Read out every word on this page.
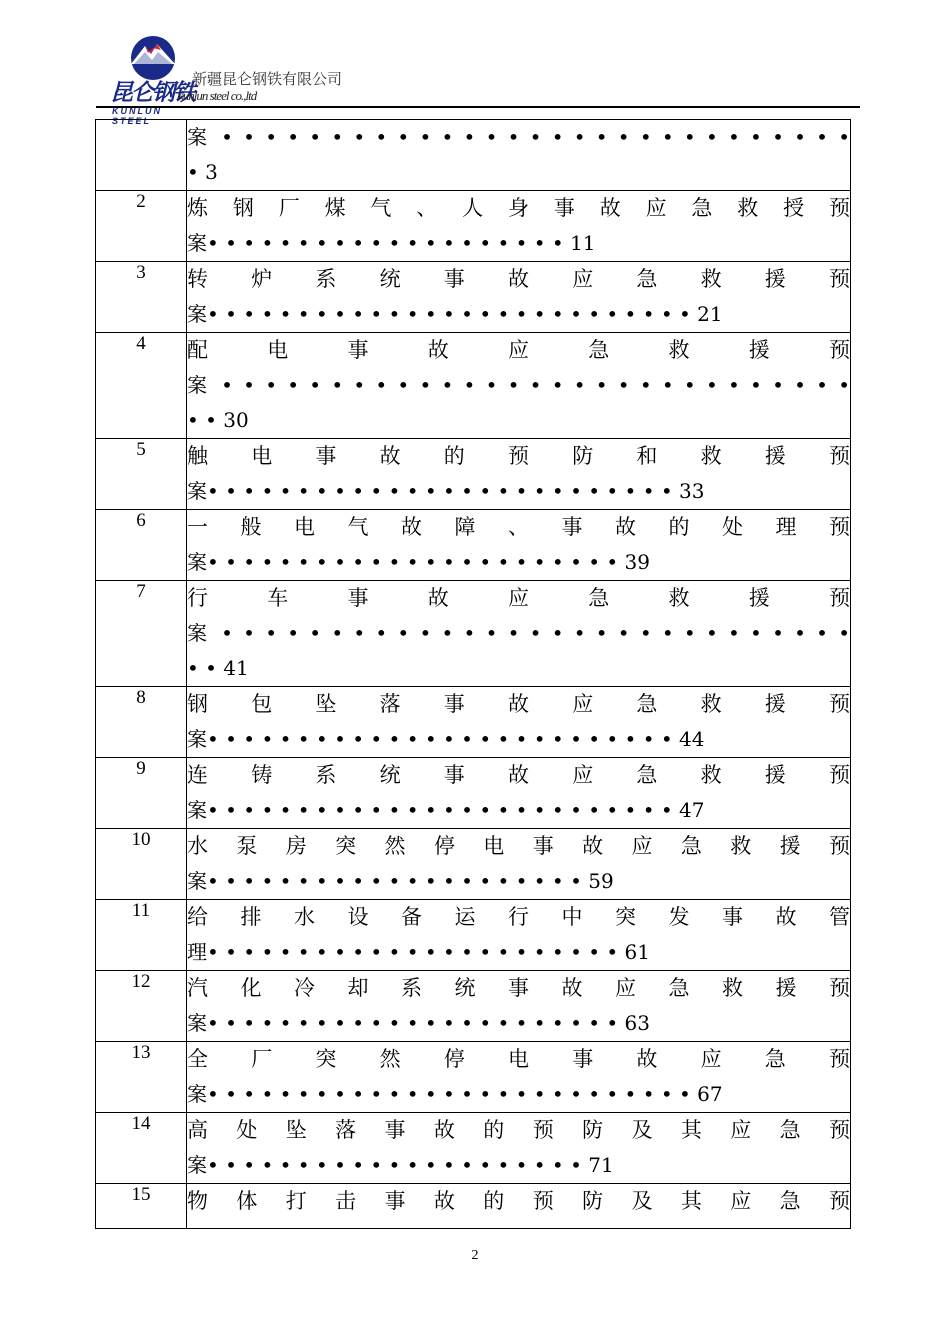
昆仑钢铁
KUNLUN STEEL
新疆昆仑钢铁有限公司
kunlun steel co.,ltd

	案 • • • • • • • • • • • • • • • • • • • • • • • • • • • • •
• 3

2	炼 钢 厂 煤 气 、 人 身 事 故 应 急 救 授 预
案• • • • • • • • • • • • • • • • • • • • 11

3	转 炉 系 统 事 故 应 急 救 援 预
案• • • • • • • • • • • • • • • • • • • • • • • • • • • 21

4	配 电 事 故 应 急 救 援 预
案 • • • • • • • • • • • • • • • • • • • • • • • • • • • • •
• • 30

5	触 电 事 故 的 预 防 和 救 援 预
案• • • • • • • • • • • • • • • • • • • • • • • • • • 33

6	一 般 电 气 故 障 、 事 故 的 处 理 预
案• • • • • • • • • • • • • • • • • • • • • • • 39

7	行 车 事 故 应 急 救 援 预
案 • • • • • • • • • • • • • • • • • • • • • • • • • • • • •
• • 41

8	钢 包 坠 落 事 故 应 急 救 援 预
案• • • • • • • • • • • • • • • • • • • • • • • • • • 44

9	连 铸 系 统 事 故 应 急 救 援 预
案• • • • • • • • • • • • • • • • • • • • • • • • • • 47

10	水 泵 房 突 然 停 电 事 故 应 急 救 援 预
案• • • • • • • • • • • • • • • • • • • • • 59

11	给 排 水 设 备 运 行 中 突 发 事 故 管
理• • • • • • • • • • • • • • • • • • • • • • • 61

12	汽 化 冷 却 系 统 事 故 应 急 救 援 预
案• • • • • • • • • • • • • • • • • • • • • • • 63

13	全 厂 突 然 停 电 事 故 应 急 预
案• • • • • • • • • • • • • • • • • • • • • • • • • • • 67

14	高 处 坠 落 事 故 的 预 防 及 其 应 急 预
案• • • • • • • • • • • • • • • • • • • • • 71

15	物 体 打 击 事 故 的 预 防 及 其 应 急 预
2
